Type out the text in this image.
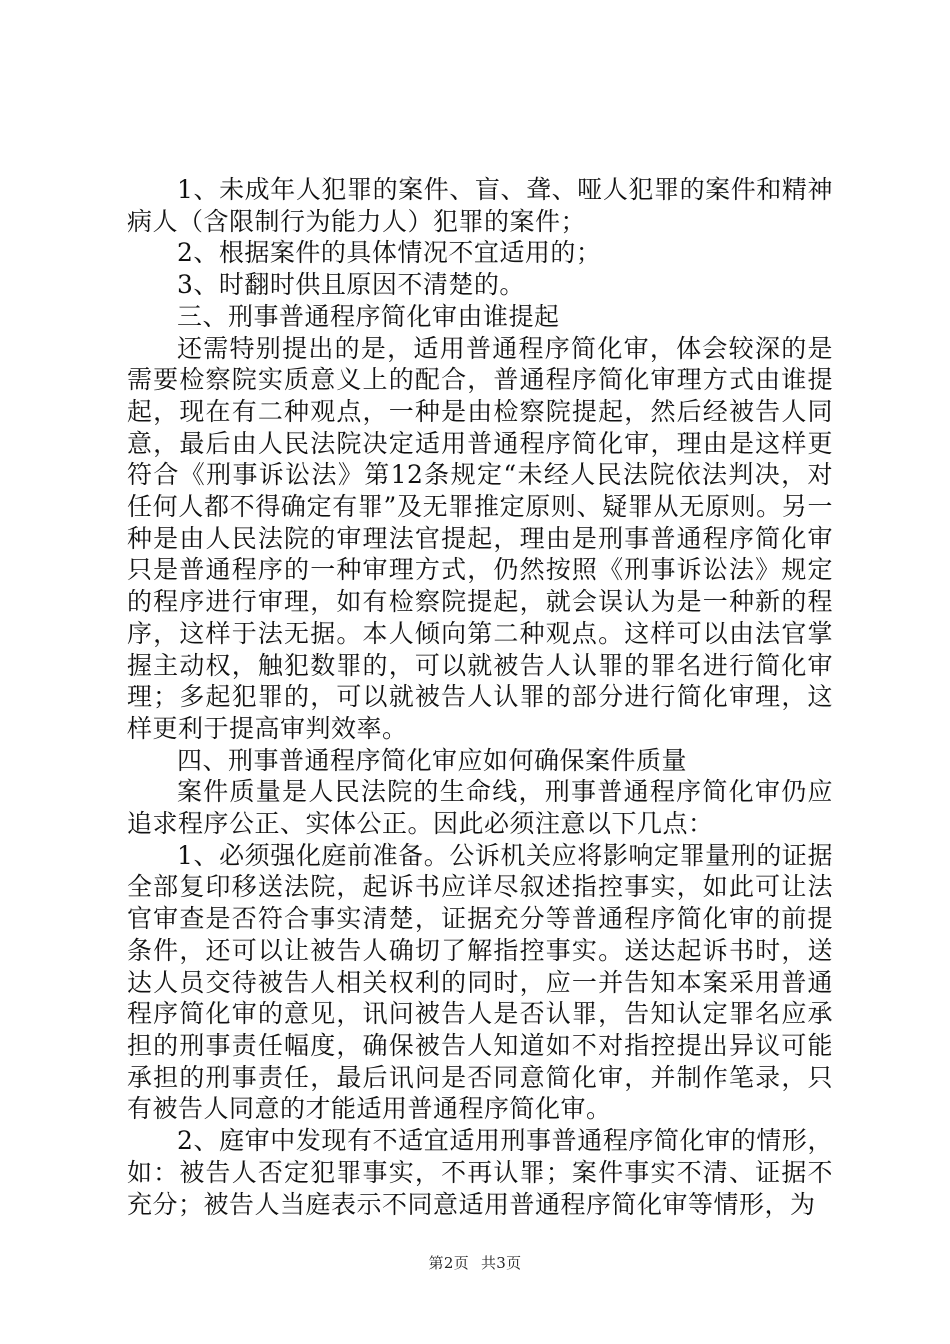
1、未成年人犯罪的案件、盲、聋、哑人犯罪的案件和精神病人（含限制行为能力人）犯罪的案件；

2、根据案件的具体情况不宜适用的；

3、时翻时供且原因不清楚的。

三、刑事普通程序简化审由谁提起

还需特别提出的是，适用普通程序简化审，体会较深的是需要检察院实质意义上的配合，普通程序简化审理方式由谁提起，现在有二种观点，一种是由检察院提起，然后经被告人同意，最后由人民法院决定适用普通程序简化审，理由是这样更符合《刑事诉讼法》第12条规定“未经人民法院依法判决，对任何人都不得确定有罪”及无罪推定原则、疑罪从无原则。另一种是由人民法院的审理法官提起，理由是刑事普通程序简化审只是普通程序的一种审理方式，仍然按照《刑事诉讼法》规定的程序进行审理，如有检察院提起，就会误认为是一种新的程序，这样于法无据。本人倾向第二种观点。这样可以由法官掌握主动权，触犯数罪的，可以就被告人认罪的罪名进行简化审理；多起犯罪的，可以就被告人认罪的部分进行简化审理，这样更利于提高审判效率。

四、刑事普通程序简化审应如何确保案件质量

案件质量是人民法院的生命线，刑事普通程序简化审仍应追求程序公正、实体公正。因此必须注意以下几点：

1、必须强化庭前准备。公诉机关应将影响定罪量刑的证据全部复印移送法院，起诉书应详尽叙述指控事实，如此可让法官审查是否符合事实清楚，证据充分等普通程序简化审的前提条件，还可以让被告人确切了解指控事实。送达起诉书时，送达人员交待被告人相关权利的同时，应一并告知本案采用普通程序简化审的意见，讯问被告人是否认罪，告知认定罪名应承担的刑事责任幅度，确保被告人知道如不对指控提出异议可能承担的刑事责任，最后讯问是否同意简化审，并制作笔录，只有被告人同意的才能适用普通程序简化审。

2、庭审中发现有不适宜适用刑事普通程序简化审的情形，如：被告人否定犯罪事实，不再认罪；案件事实不清、证据不充分；被告人当庭表示不同意适用普通程序简化审等情形，为

第2页 共3页
